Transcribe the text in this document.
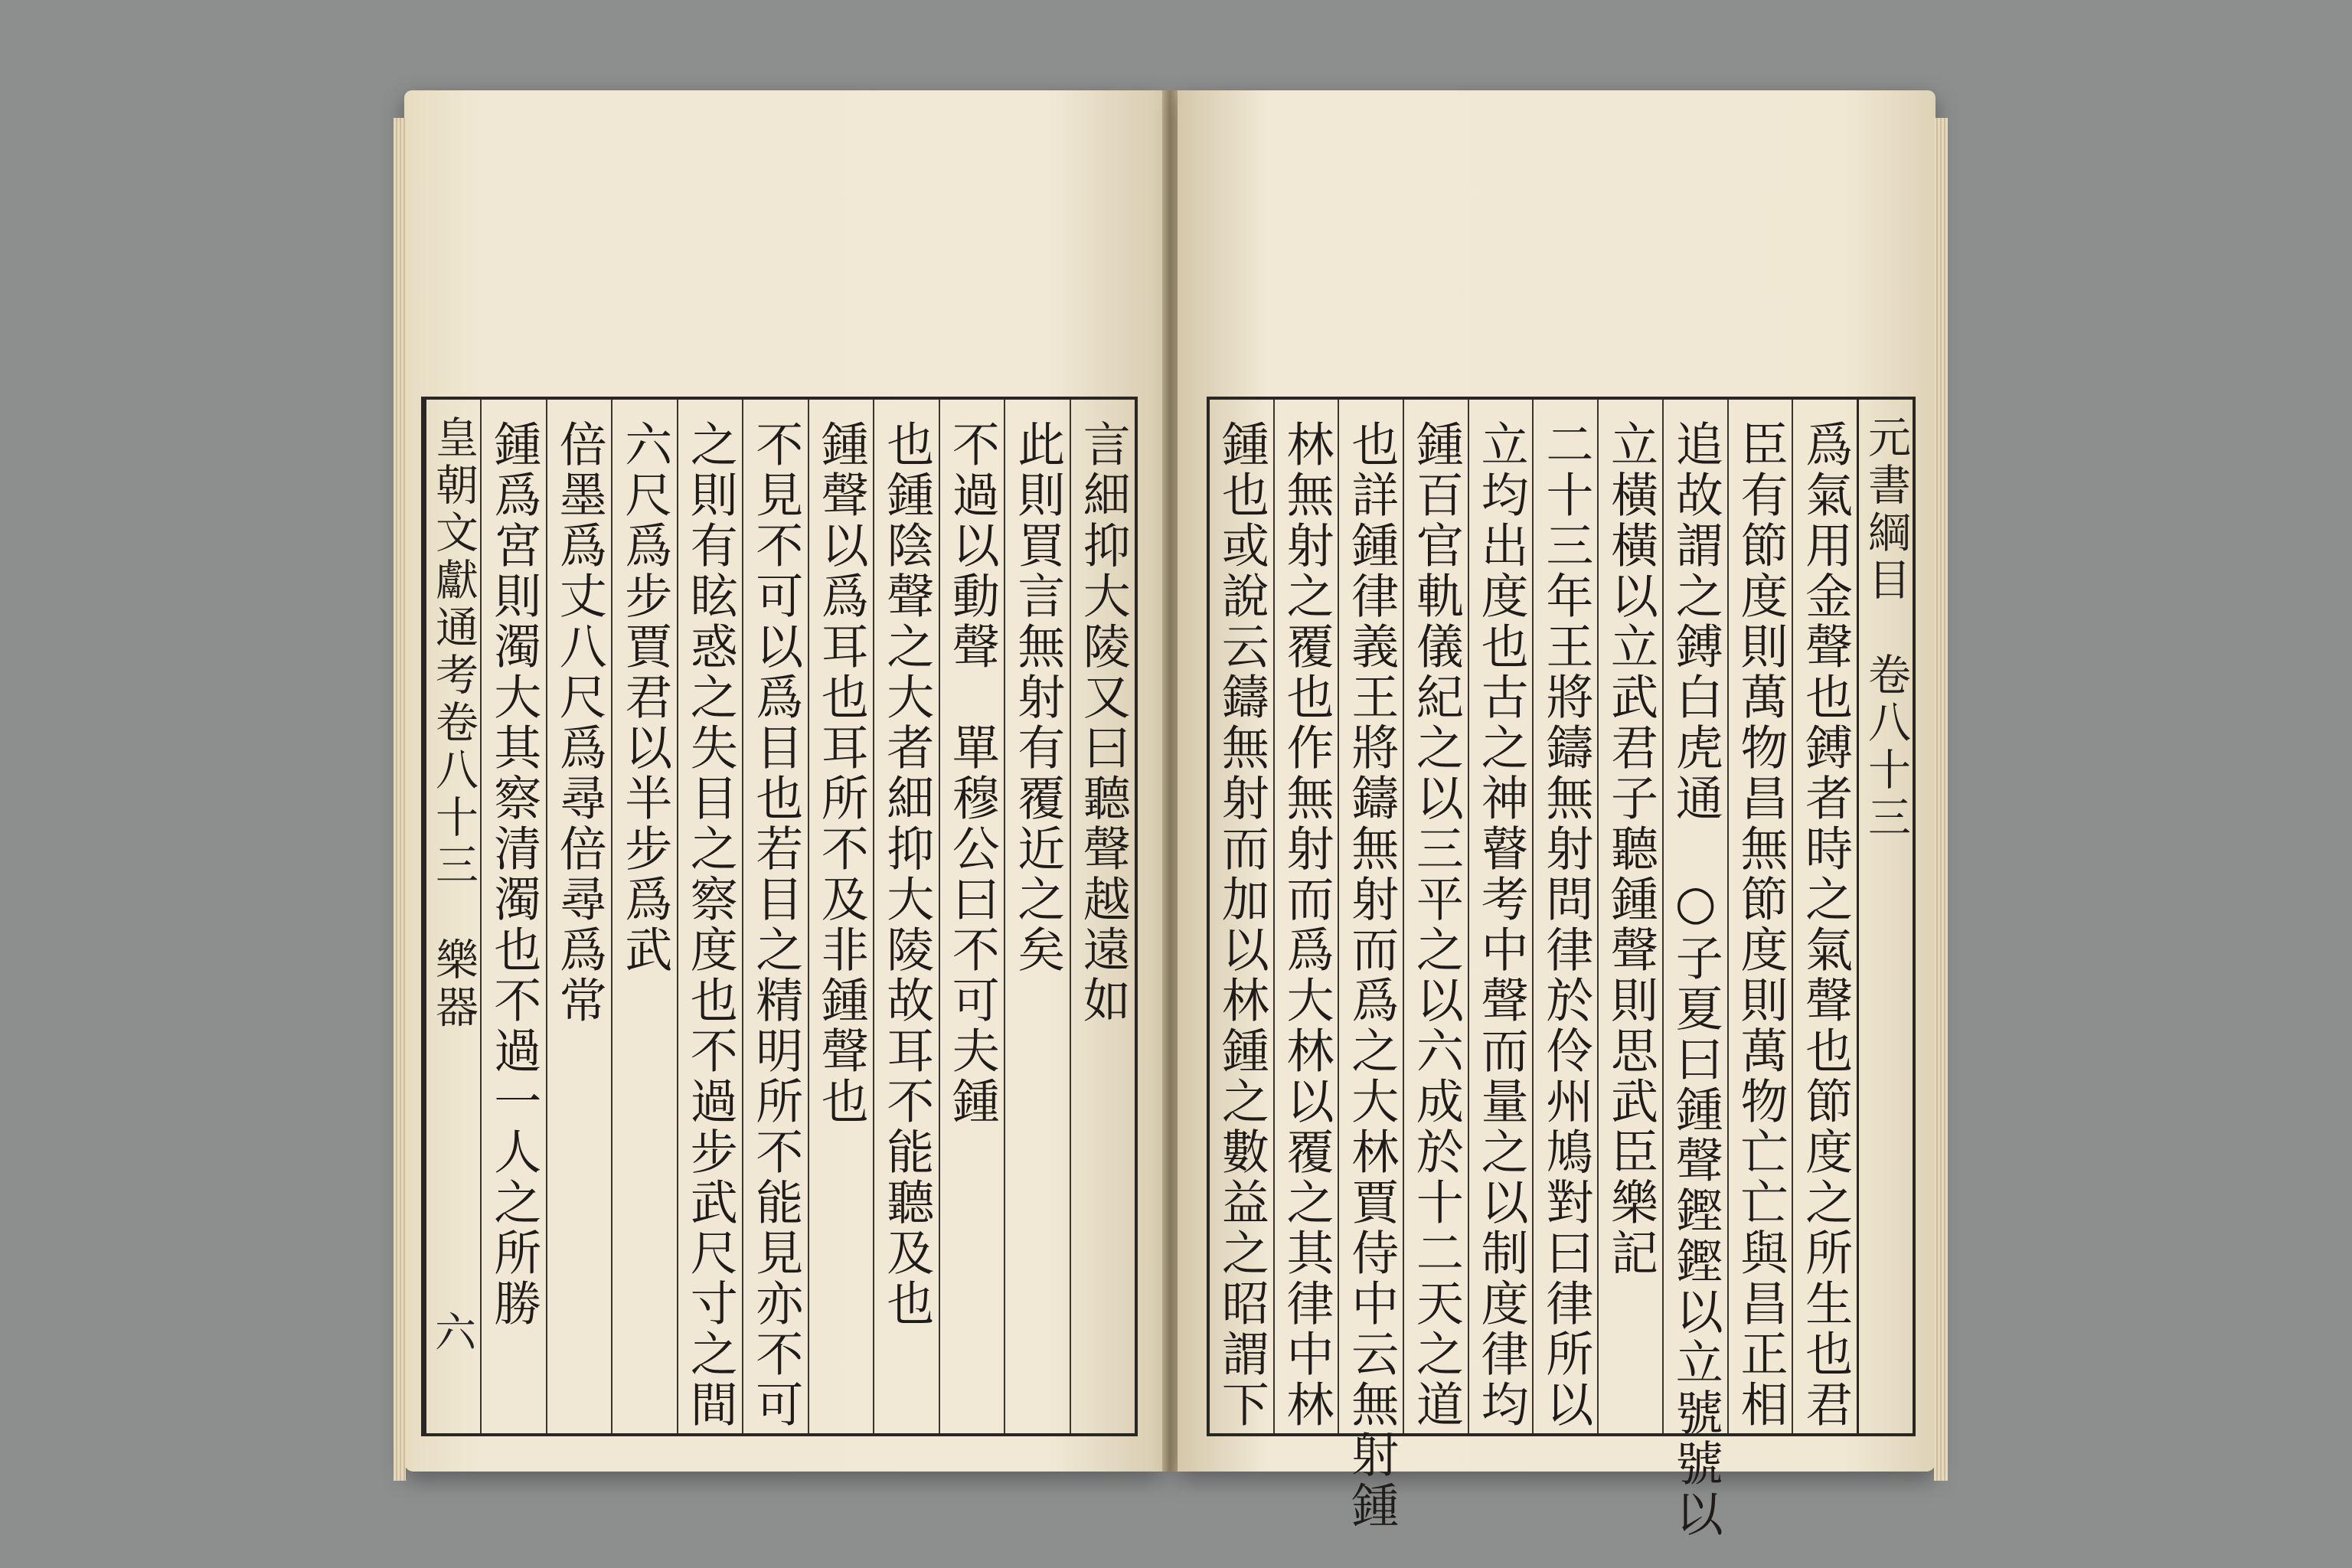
言細抑大陵又曰聽聲越遠如
此則買言無射有覆近之矣
不過以動聲　單穆公曰不可夫鍾
也鍾陰聲之大者細抑大陵故耳不能聽及也
鍾聲以爲耳也耳所不及非鍾聲也
不見不可以爲目也若目之精明所不能見亦不可
之則有眩惑之失目之察度也不過步武尺寸之間
六尺爲步賈君以半步爲武
倍墨爲丈八尺爲尋倍尋爲常
鍾爲宮則濁大其察清濁也不過一人之所勝
皇朝文獻通考卷八十三　樂器
六
元書綱目　卷八十三
爲氣用金聲也鎛者時之氣聲也節度之所生也君
臣有節度則萬物昌無節度則萬物亡亡與昌正相
追故謂之鎛白虎通　○子夏曰鍾聲鏗鏗以立號號以
立橫橫以立武君子聽鍾聲則思武臣樂記
二十三年王將鑄無射問律於伶州鳩對曰律所以
立均出度也古之神瞽考中聲而量之以制度律均
鍾百官軌儀紀之以三平之以六成於十二天之道
也詳鍾律義王將鑄無射而爲之大林賈侍中云無射鍾
林無射之覆也作無射而爲大林以覆之其律中林
鍾也或說云鑄無射而加以林鍾之數益之昭謂下
